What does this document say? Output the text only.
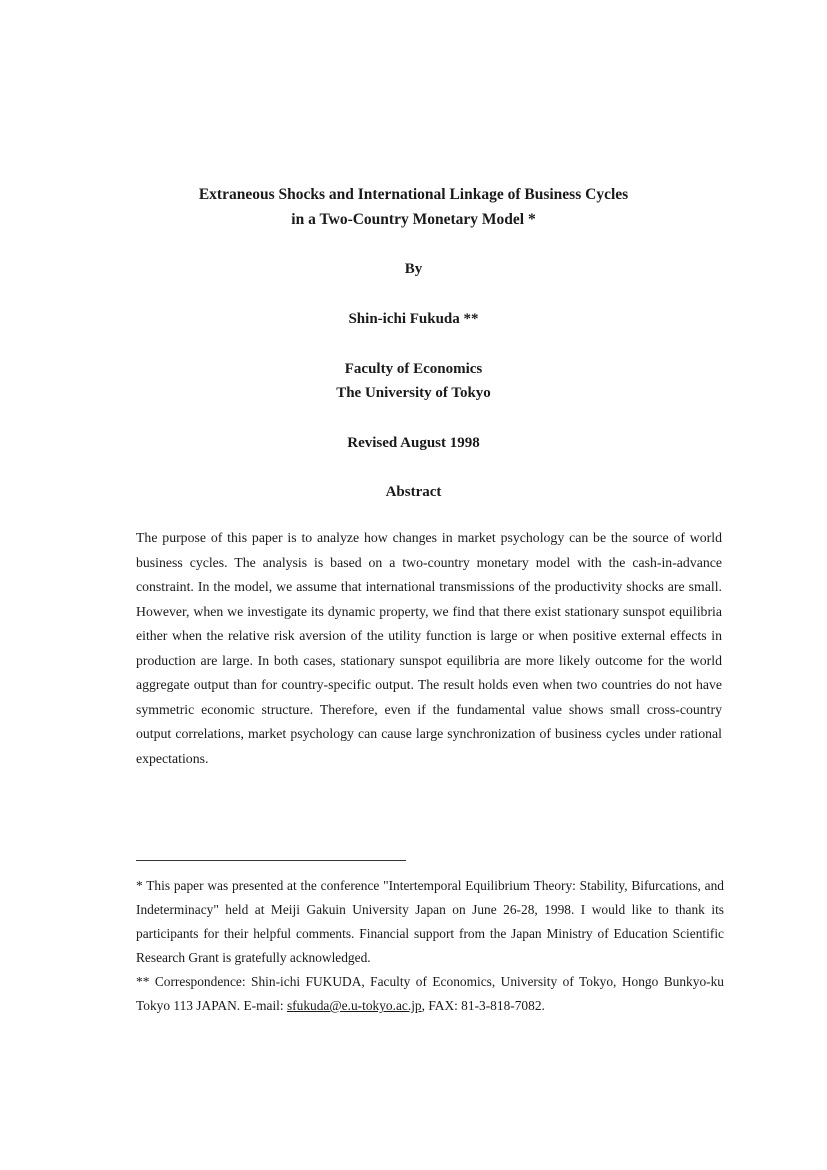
Extraneous Shocks and International Linkage of Business Cycles
in a Two-Country Monetary Model *
By
Shin-ichi Fukuda **
Faculty of Economics
The University of Tokyo
Revised August 1998
Abstract
The purpose of this paper is to analyze how changes in market psychology can be the source of world business cycles. The analysis is based on a two-country monetary model with the cash-in-advance constraint. In the model, we assume that international transmissions of the productivity shocks are small. However, when we investigate its dynamic property, we find that there exist stationary sunspot equilibria either when the relative risk aversion of the utility function is large or when positive external effects in production are large. In both cases, stationary sunspot equilibria are more likely outcome for the world aggregate output than for country-specific output. The result holds even when two countries do not have symmetric economic structure. Therefore, even if the fundamental value shows small cross-country output correlations, market psychology can cause large synchronization of business cycles under rational expectations.

* This paper was presented at the conference "Intertemporal Equilibrium Theory: Stability, Bifurcations, and Indeterminacy" held at Meiji Gakuin University Japan on June 26-28, 1998. I would like to thank its participants for their helpful comments. Financial support from the Japan Ministry of Education Scientific Research Grant is gratefully acknowledged.

** Correspondence: Shin-ichi FUKUDA, Faculty of Economics, University of Tokyo, Hongo Bunkyo-ku Tokyo 113 JAPAN. E-mail: sfukuda@e.u-tokyo.ac.jp, FAX: 81-3-818-7082.
